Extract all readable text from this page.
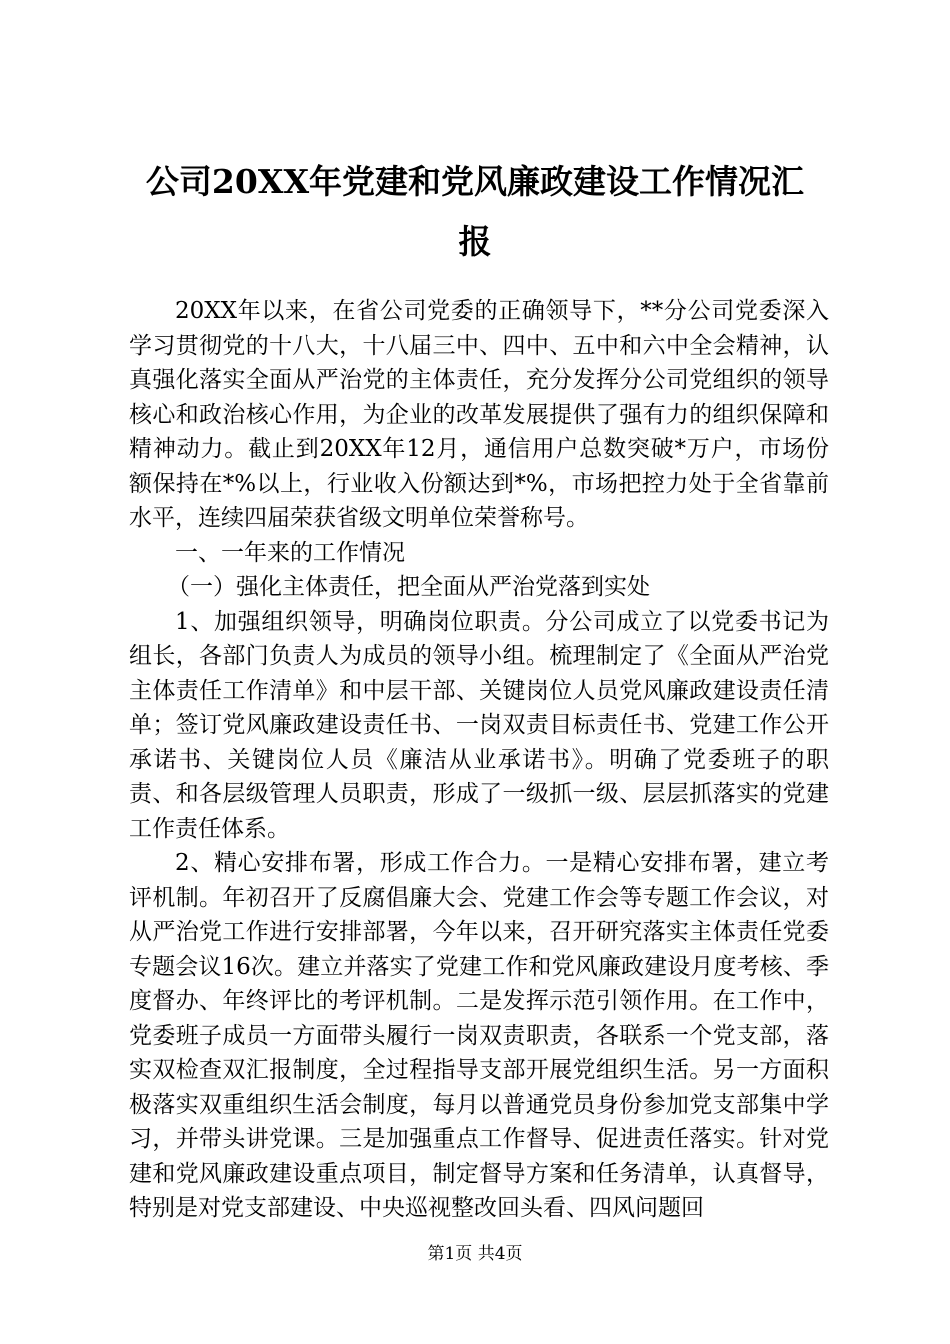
公司20XX年党建和党风廉政建设工作情况汇
报

20XX年以来，在省公司党委的正确领导下，**分公司党委深入学习贯彻党的十八大，十八届三中、四中、五中和六中全会精神，认真强化落实全面从严治党的主体责任，充分发挥分公司党组织的领导核心和政治核心作用，为企业的改革发展提供了强有力的组织保障和精神动力。截止到20XX年12月，通信用户总数突破*万户，市场份额保持在*%以上，行业收入份额达到*%，市场把控力处于全省靠前水平，连续四届荣获省级文明单位荣誉称号。

一、一年来的工作情况

（一）强化主体责任，把全面从严治党落到实处

1、加强组织领导，明确岗位职责。分公司成立了以党委书记为组长，各部门负责人为成员的领导小组。梳理制定了《全面从严治党主体责任工作清单》和中层干部、关键岗位人员党风廉政建设责任清单；签订党风廉政建设责任书、一岗双责目标责任书、党建工作公开承诺书、关键岗位人员《廉洁从业承诺书》。明确了党委班子的职责、和各层级管理人员职责，形成了一级抓一级、层层抓落实的党建工作责任体系。

2、精心安排布署，形成工作合力。一是精心安排布署，建立考评机制。年初召开了反腐倡廉大会、党建工作会等专题工作会议，对从严治党工作进行安排部署，今年以来，召开研究落实主体责任党委专题会议16次。建立并落实了党建工作和党风廉政建设月度考核、季度督办、年终评比的考评机制。二是发挥示范引领作用。在工作中，党委班子成员一方面带头履行一岗双责职责，各联系一个党支部，落实双检查双汇报制度，全过程指导支部开展党组织生活。另一方面积极落实双重组织生活会制度，每月以普通党员身份参加党支部集中学习，并带头讲党课。三是加强重点工作督导、促进责任落实。针对党建和党风廉政建设重点项目，制定督导方案和任务清单，认真督导，特别是对党支部建设、中央巡视整改回头看、四风问题回

第1页 共4页
